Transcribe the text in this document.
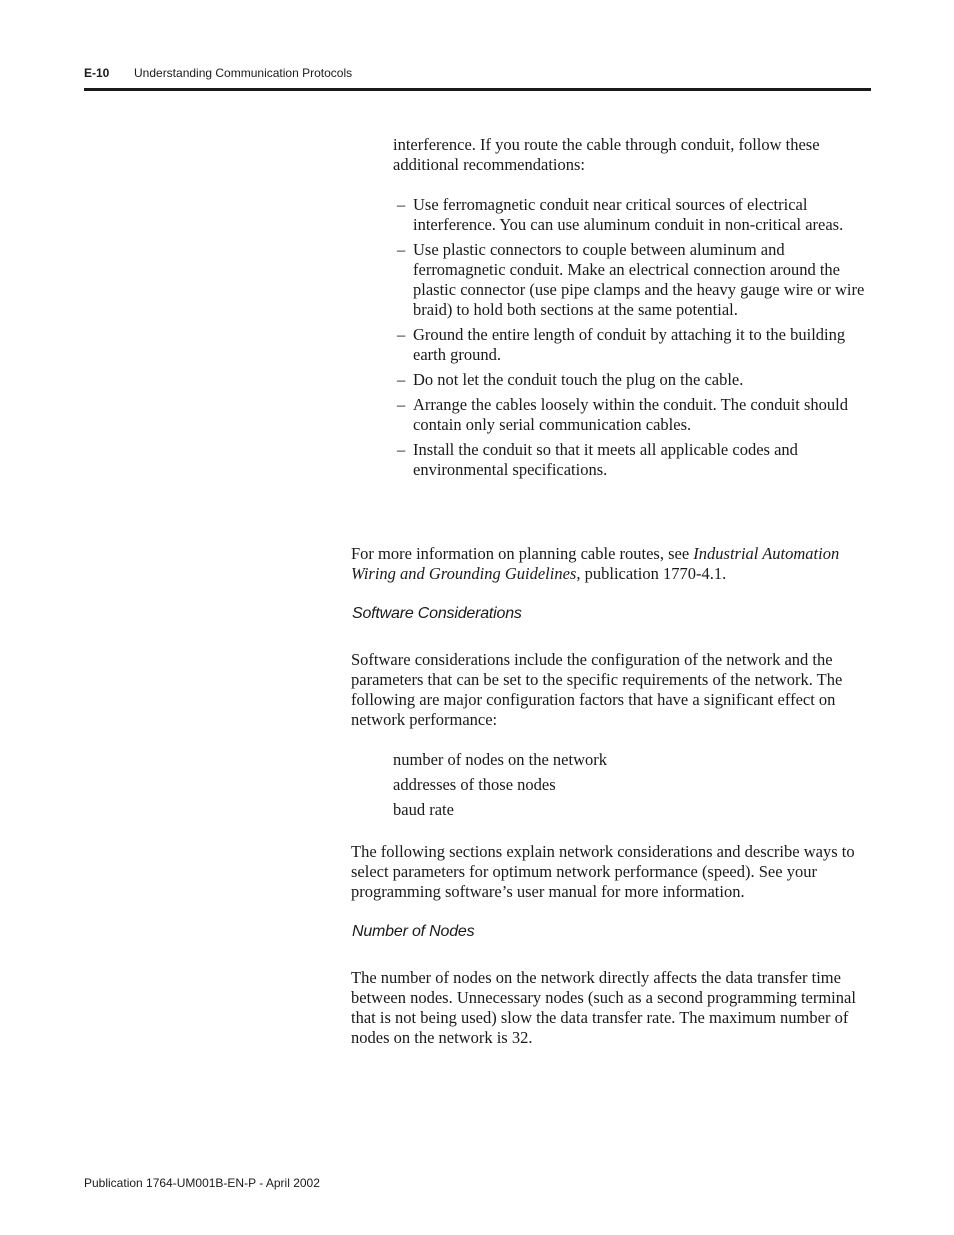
E-10 Understanding Communication Protocols

interference. If you route the cable through conduit, follow these additional recommendations:

– Use ferromagnetic conduit near critical sources of electrical interference. You can use aluminum conduit in non-critical areas.
– Use plastic connectors to couple between aluminum and ferromagnetic conduit. Make an electrical connection around the plastic connector (use pipe clamps and the heavy gauge wire or wire braid) to hold both sections at the same potential.
– Ground the entire length of conduit by attaching it to the building earth ground.
– Do not let the conduit touch the plug on the cable.
– Arrange the cables loosely within the conduit. The conduit should contain only serial communication cables.
– Install the conduit so that it meets all applicable codes and environmental specifications.

For more information on planning cable routes, see Industrial Automation Wiring and Grounding Guidelines, publication 1770-4.1.

Software Considerations

Software considerations include the configuration of the network and the parameters that can be set to the specific requirements of the network. The following are major configuration factors that have a significant effect on network performance:

number of nodes on the network
addresses of those nodes
baud rate

The following sections explain network considerations and describe ways to select parameters for optimum network performance (speed). See your programming software’s user manual for more information.

Number of Nodes

The number of nodes on the network directly affects the data transfer time between nodes. Unnecessary nodes (such as a second programming terminal that is not being used) slow the data transfer rate. The maximum number of nodes on the network is 32.

Publication 1764-UM001B-EN-P - April 2002
